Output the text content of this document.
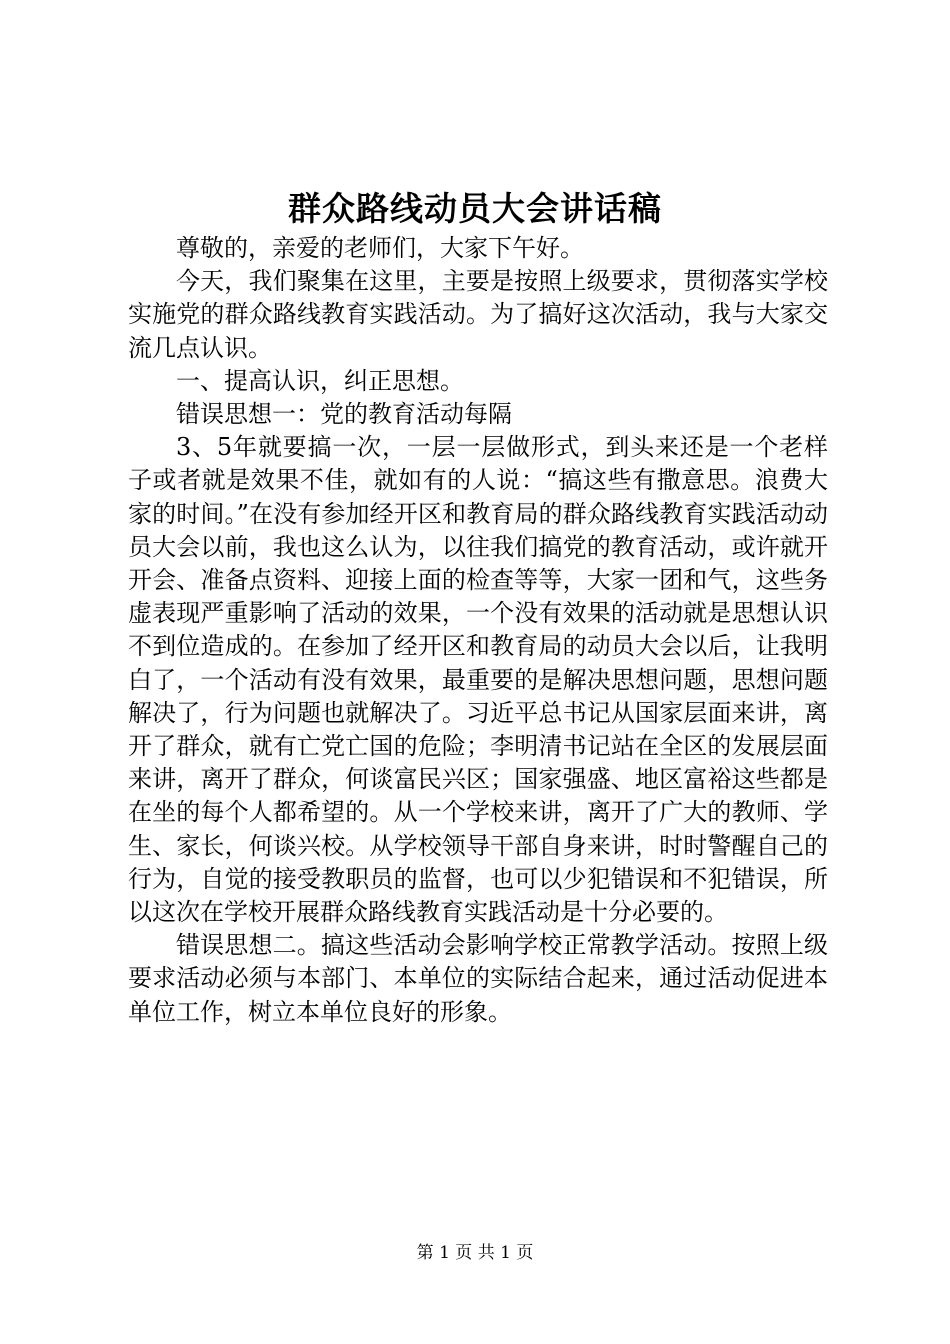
群众路线动员大会讲话稿

尊敬的，亲爱的老师们，大家下午好。

今天，我们聚集在这里，主要是按照上级要求，贯彻落实学校实施党的群众路线教育实践活动。为了搞好这次活动，我与大家交流几点认识。

一、提高认识，纠正思想。

错误思想一：党的教育活动每隔

3、5年就要搞一次，一层一层做形式，到头来还是一个老样子或者就是效果不佳，就如有的人说：“搞这些有撒意思。浪费大家的时间。”在没有参加经开区和教育局的群众路线教育实践活动动员大会以前，我也这么认为，以往我们搞党的教育活动，或许就开开会、准备点资料、迎接上面的检查等等，大家一团和气，这些务虚表现严重影响了活动的效果，一个没有效果的活动就是思想认识不到位造成的。在参加了经开区和教育局的动员大会以后，让我明白了，一个活动有没有效果，最重要的是解决思想问题，思想问题解决了，行为问题也就解决了。习近平总书记从国家层面来讲，离开了群众，就有亡党亡国的危险；李明清书记站在全区的发展层面来讲，离开了群众，何谈富民兴区；国家强盛、地区富裕这些都是在坐的每个人都希望的。从一个学校来讲，离开了广大的教师、学生、家长，何谈兴校。从学校领导干部自身来讲，时时警醒自己的行为，自觉的接受教职员的监督，也可以少犯错误和不犯错误，所以这次在学校开展群众路线教育实践活动是十分必要的。

错误思想二。搞这些活动会影响学校正常教学活动。按照上级要求活动必须与本部门、本单位的实际结合起来，通过活动促进本单位工作，树立本单位良好的形象。

第 1 页 共 1 页
